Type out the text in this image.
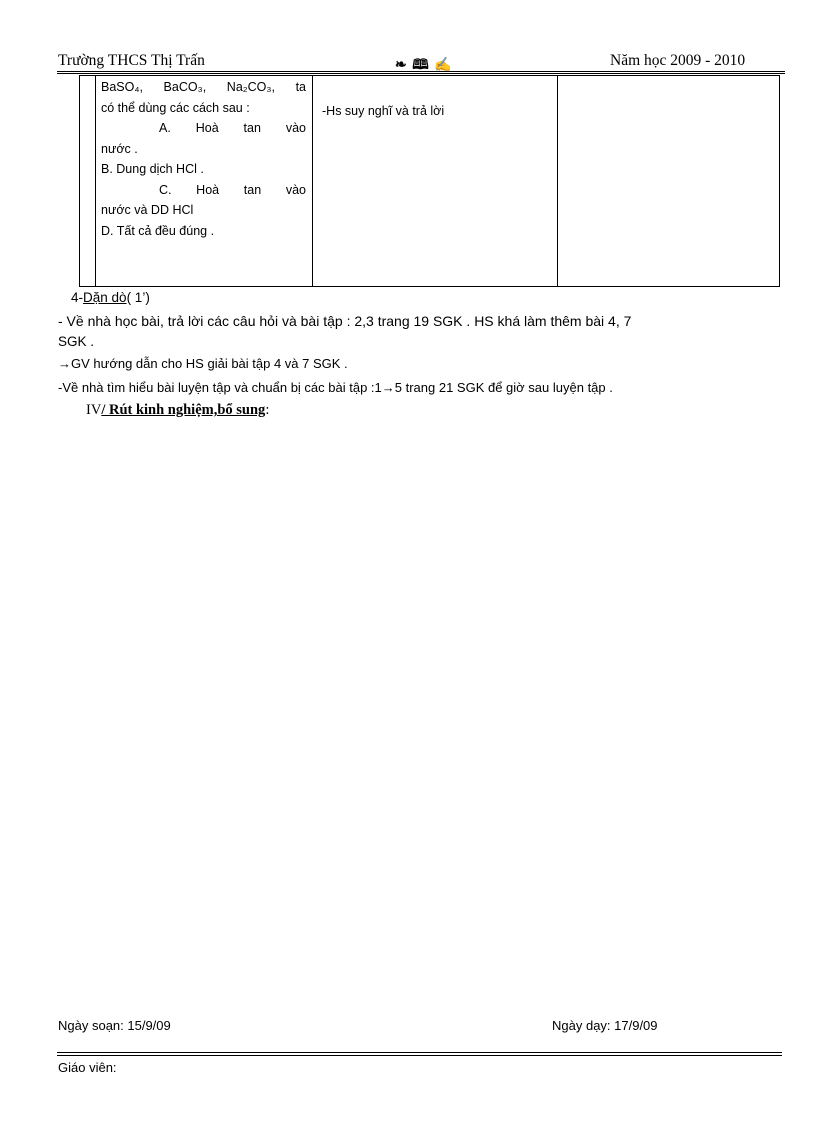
Trường THCS Thị Trấn	❧ 🕮 ✍	Năm học 2009 - 2010

BaSO₄, BaCO₃, Na₂CO₃, ta
có thể dùng các cách sau :
A. Hoà tan vào
nước .
B. Dung dịch HCl .
C. Hoà tan vào
nước và DD HCl
D. Tất cả đều đúng .

-Hs suy nghĩ và trả lời

4-Dặn dò( 1’)
- Về nhà học bài, trả lời các câu hỏi và bài tập : 2,3 trang 19 SGK . HS khá làm thêm bài 4, 7
SGK .
→GV hướng dẫn cho HS giải bài tập 4 và 7 SGK .
-Về nhà tìm hiểu bài luyện tập và chuẩn bị các bài tập :1→5 trang 21 SGK để giờ sau luyện tập .
IV/ Rút kinh nghiệm,bổ sung:
Ngày soạn: 15/9/09	Ngày dạy: 17/9/09
Giáo viên:
